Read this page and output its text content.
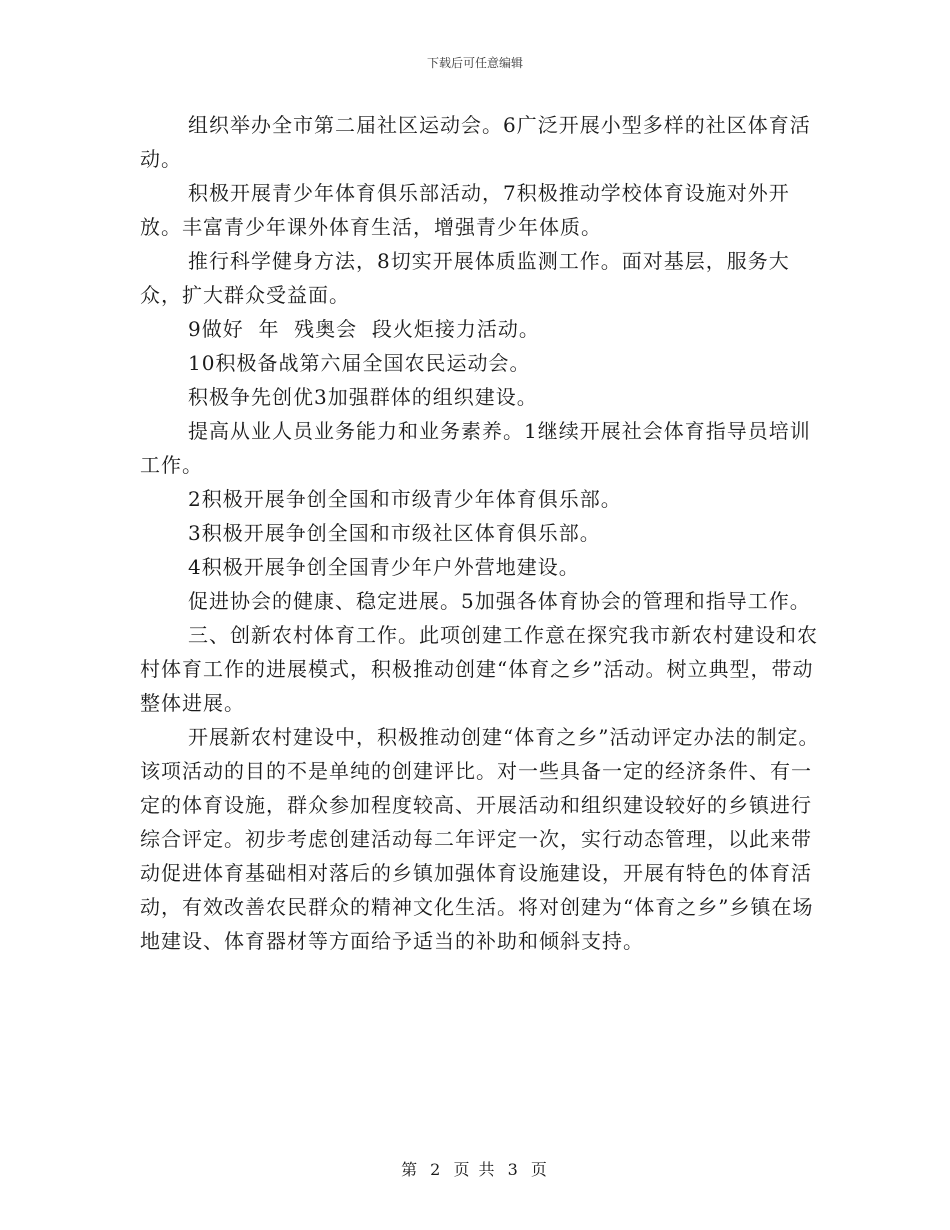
下载后可任意编辑

组织举办全市第二届社区运动会。6广泛开展小型多样的社区体育活动。

积极开展青少年体育俱乐部活动，7积极推动学校体育设施对外开放。丰富青少年课外体育生活，增强青少年体质。

推行科学健身方法，8切实开展体质监测工作。面对基层，服务大众，扩大群众受益面。

9做好  年  残奥会  段火炬接力活动。

10积极备战第六届全国农民运动会。

积极争先创优3加强群体的组织建设。

提高从业人员业务能力和业务素养。1继续开展社会体育指导员培训工作。

2积极开展争创全国和市级青少年体育俱乐部。

3积极开展争创全国和市级社区体育俱乐部。

4积极开展争创全国青少年户外营地建设。

促进协会的健康、稳定进展。5加强各体育协会的管理和指导工作。

三、创新农村体育工作。此项创建工作意在探究我市新农村建设和农村体育工作的进展模式，积极推动创建“体育之乡”活动。树立典型，带动整体进展。

开展新农村建设中，积极推动创建“体育之乡”活动评定办法的制定。该项活动的目的不是单纯的创建评比。对一些具备一定的经济条件、有一定的体育设施，群众参加程度较高、开展活动和组织建设较好的乡镇进行综合评定。初步考虑创建活动每二年评定一次，实行动态管理，以此来带动促进体育基础相对落后的乡镇加强体育设施建设，开展有特色的体育活动，有效改善农民群众的精神文化生活。将对创建为“体育之乡”乡镇在场地建设、体育器材等方面给予适当的补助和倾斜支持。

第 2 页 共 3 页
